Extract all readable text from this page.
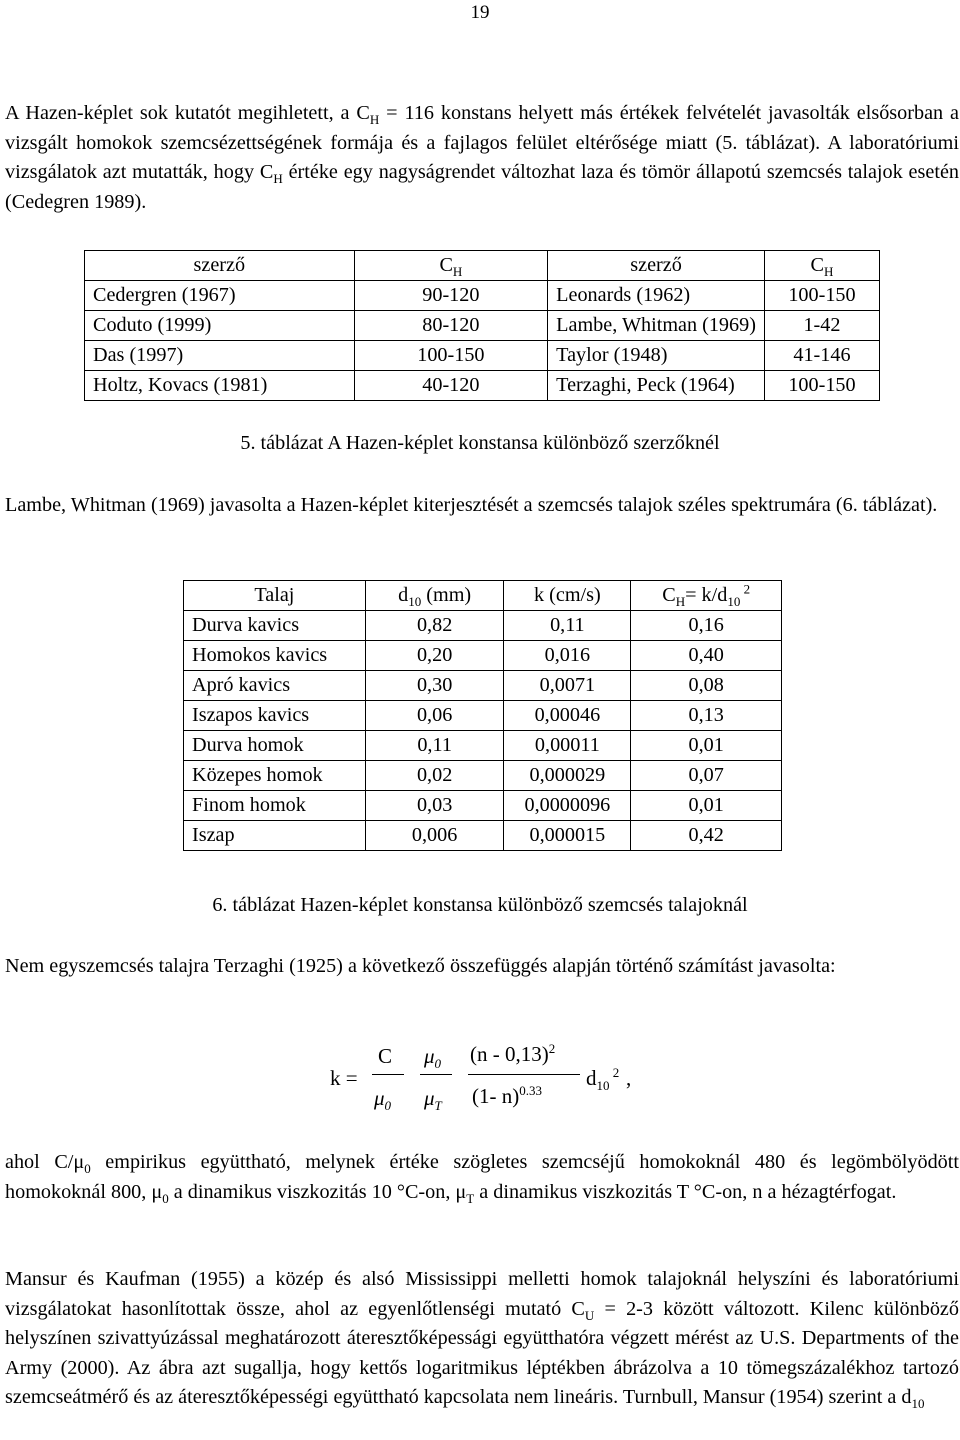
19

A Hazen-képlet sok kutatót megihletett, a $C_H = 116$ konstans helyett más értékek felvételét javasolták elsősorban a vizsgált homokok szemcsézettségének formája és a fajlagos felület eltérősége miatt (5. táblázat). A laboratóriumi vizsgálatok azt mutatták, hogy $C_H$ értéke egy nagyságrendet változhat laza és tömör állapotú szemcsés talajok esetén (Cedegren 1989).

szerző	$C_H$	szerző	$C_H$
Cedergren (1967)	90-120	Leonards (1962)	100-150
Coduto (1999)	80-120	Lambe, Whitman (1969)	1-42
Das (1997)	100-150	Taylor (1948)	41-146
Holtz, Kovacs (1981)	40-120	Terzaghi, Peck (1964)	100-150

5. táblázat A Hazen-képlet konstansa különböző szerzőknél

Lambe, Whitman (1969) javasolta a Hazen-képlet kiterjesztését a szemcsés talajok széles spektrumára (6. táblázat).

Talaj	$d_{10}$ (mm)	k (cm/s)	$C_H= k/d_{10}$ $^2$
Durva kavics	0,82	0,11	0,16
Homokos kavics	0,20	0,016	0,40
Apró kavics	0,30	0,0071	0,08
Iszapos kavics	0,06	0,00046	0,13
Durva homok	0,11	0,00011	0,01
Közepes homok	0,02	0,000029	0,07
Finom homok	0,03	0,0000096	0,01
Iszap	0,006	0,000015	0,42

6. táblázat Hazen-képlet konstansa különböző szemcsés talajoknál

Nem egyszemcsés talajra Terzaghi (1925) a következő összefüggés alapján történő számítást javasolta:

k =
C
$\mu_0$
$\mu_0$
$\mu_T$
(n - 0,13)$^2$
(1- n)$^{0.33}$
$d_{10}$ $^2$ ,

ahol $C/\mu_0$ empirikus együttható, melynek értéke szögletes szemcséjű homokoknál 480 és legömbölyödött homokoknál 800, $\mu_0$ a dinamikus viszkozitás 10 °C-on, $\mu_T$ a dinamikus viszkozitás T °C-on, n a hézagtérfogat.

Mansur és Kaufman (1955) a közép és alsó Mississippi melletti homok talajoknál helyszíni és laboratóriumi vizsgálatokat hasonlítottak össze, ahol az egyenlőtlenségi mutató $C_U = 2-3$ között változott. Kilenc különböző helyszínen szivattyúzással meghatározott áteresztőképessági együtthatóra végzett mérést az U.S. Departments of the Army (2000). Az ábra azt sugallja, hogy kettős logaritmikus léptékben ábrázolva a 10 tömegszázalékhoz tartozó szemcseátmérő és az áteresztőképességi együttható kapcsolata nem lineáris. Turnbull, Mansur (1954) szerint a $d_{10}$
